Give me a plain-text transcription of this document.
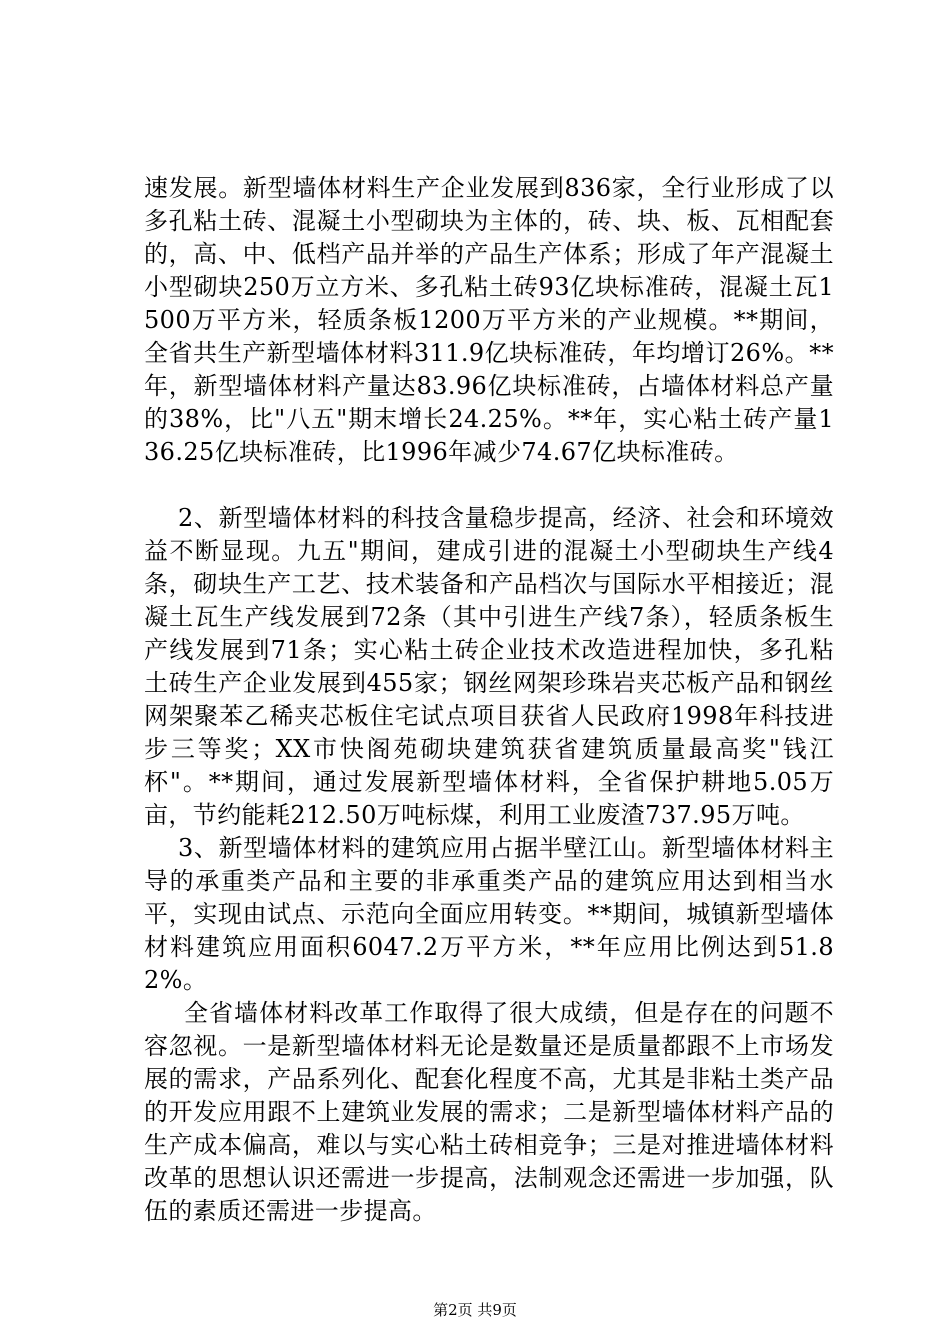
速发展。新型墙体材料生产企业发展到836家，全行业形成了以多孔粘土砖、混凝土小型砌块为主体的，砖、块、板、瓦相配套的，高、中、低档产品并举的产品生产体系；形成了年产混凝土小型砌块250万立方米、多孔粘土砖93亿块标准砖，混凝土瓦1500万平方米，轻质条板1200万平方米的产业规模。**期间，全省共生产新型墙体材料311.9亿块标准砖，年均增订26%。**年，新型墙体材料产量达83.96亿块标准砖，占墙体材料总产量的38%，比"八五"期末增长24.25%。**年，实心粘土砖产量136.25亿块标准砖，比1996年减少74.67亿块标准砖。

2、新型墙体材料的科技含量稳步提高，经济、社会和环境效益不断显现。九五"期间，建成引进的混凝土小型砌块生产线4条，砌块生产工艺、技术装备和产品档次与国际水平相接近；混凝土瓦生产线发展到72条（其中引进生产线7条），轻质条板生产线发展到71条；实心粘土砖企业技术改造进程加快，多孔粘土砖生产企业发展到455家；钢丝网架珍珠岩夹芯板产品和钢丝网架聚苯乙稀夹芯板住宅试点项目获省人民政府1998年科技进步三等奖；XX市快阁苑砌块建筑获省建筑质量最高奖"钱江杯"。**期间，通过发展新型墙体材料，全省保护耕地5.05万亩，节约能耗212.50万吨标煤，利用工业废渣737.95万吨。

3、新型墙体材料的建筑应用占据半壁江山。新型墙体材料主导的承重类产品和主要的非承重类产品的建筑应用达到相当水平，实现由试点、示范向全面应用转变。**期间，城镇新型墙体材料建筑应用面积6047.2万平方米，**年应用比例达到51.82%。

全省墙体材料改革工作取得了很大成绩，但是存在的问题不容忽视。一是新型墙体材料无论是数量还是质量都跟不上市场发展的需求，产品系列化、配套化程度不高，尤其是非粘土类产品的开发应用跟不上建筑业发展的需求；二是新型墙体材料产品的生产成本偏高，难以与实心粘土砖相竞争；三是对推进墙体材料改革的思想认识还需进一步提高，法制观念还需进一步加强，队伍的素质还需进一步提高。

第2页 共9页
